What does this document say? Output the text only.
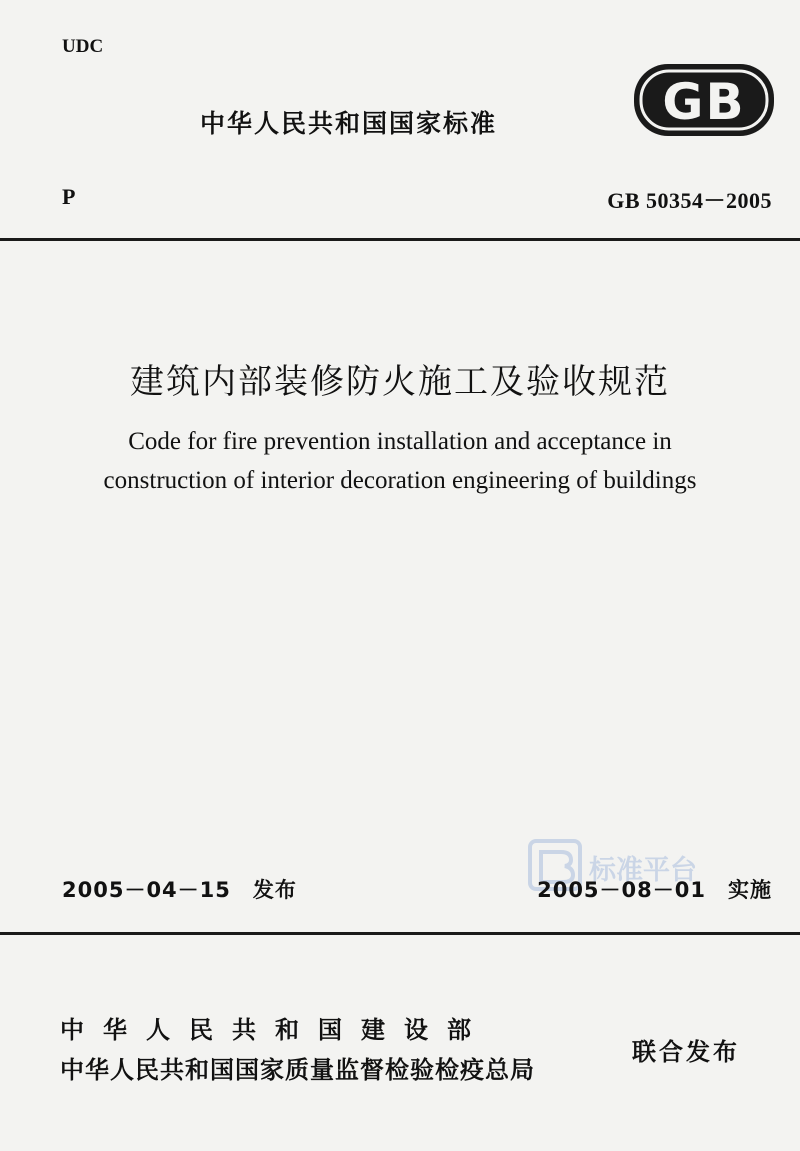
UDC
中华人民共和国国家标准	GB
P	GB 50354－2005
建筑内部装修防火施工及验收规范
Code for fire prevention installation and acceptance in
construction of interior decoration engineering of buildings
2005－04－15　发布
标准平台
2005－08－01　实施
中华人民共和国建设部
中华人民共和国国家质量监督检验检疫总局
联合发布
